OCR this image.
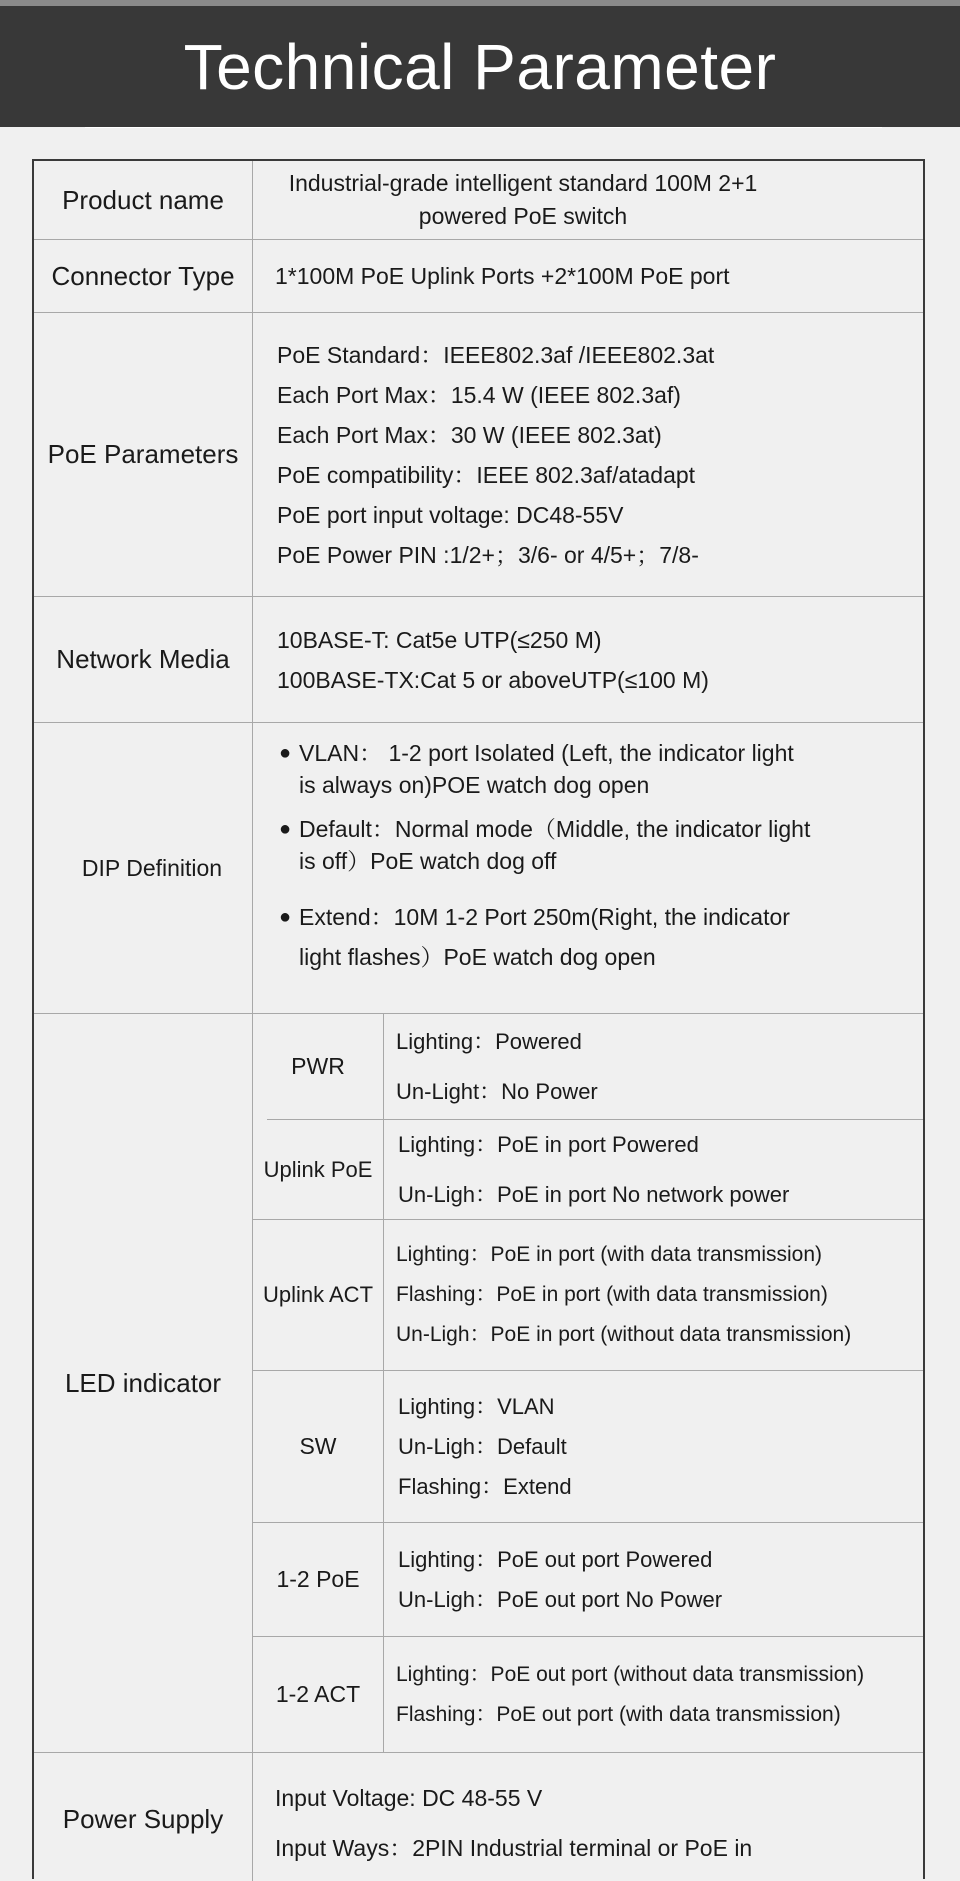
Technical Parameter
Product name
Industrial-grade intelligent standard 100M 2+1
powered PoE switch
Connector Type 1*100M PoE Uplink Ports +2*100M PoE port
PoE Parameters
PoE Standard：IEEE802.3af /IEEE802.3at
Each Port Max：15.4 W (IEEE 802.3af)
Each Port Max：30 W (IEEE 802.3at)
PoE compatibility：IEEE 802.3af/atadapt
PoE port input voltage: DC48-55V
PoE Power PIN :1/2+；3/6- or 4/5+；7/8-
Network Media
10BASE-T: Cat5e UTP(≤250 M)
100BASE-TX:Cat 5 or aboveUTP(≤100 M)
DIP Definition
● VLAN： 1-2 port Isolated (Left, the indicator light
is always on)POE watch dog open
● Default：Normal mode（Middle, the indicator light
is off）PoE watch dog off
● Extend：10M 1-2 Port 250m(Right, the indicator
light flashes）PoE watch dog open
LED indicator
PWR
Lighting：Powered
Un-Light：No Power
Uplink PoE
Lighting：PoE in port Powered
Un-Ligh：PoE in port No network power
Uplink ACT
Lighting：PoE in port (with data transmission)
Flashing：PoE in port (with data transmission)
Un-Ligh：PoE in port (without data transmission)
SW
Lighting：VLAN
Un-Ligh：Default
Flashing：Extend
1-2 PoE
Lighting：PoE out port Powered
Un-Ligh：PoE out port No Power
1-2 ACT
Lighting：PoE out port (without data transmission)
Flashing：PoE out port (with data transmission)
Power Supply
Input Voltage: DC 48-55 V
Input Ways：2PIN Industrial terminal or PoE in
